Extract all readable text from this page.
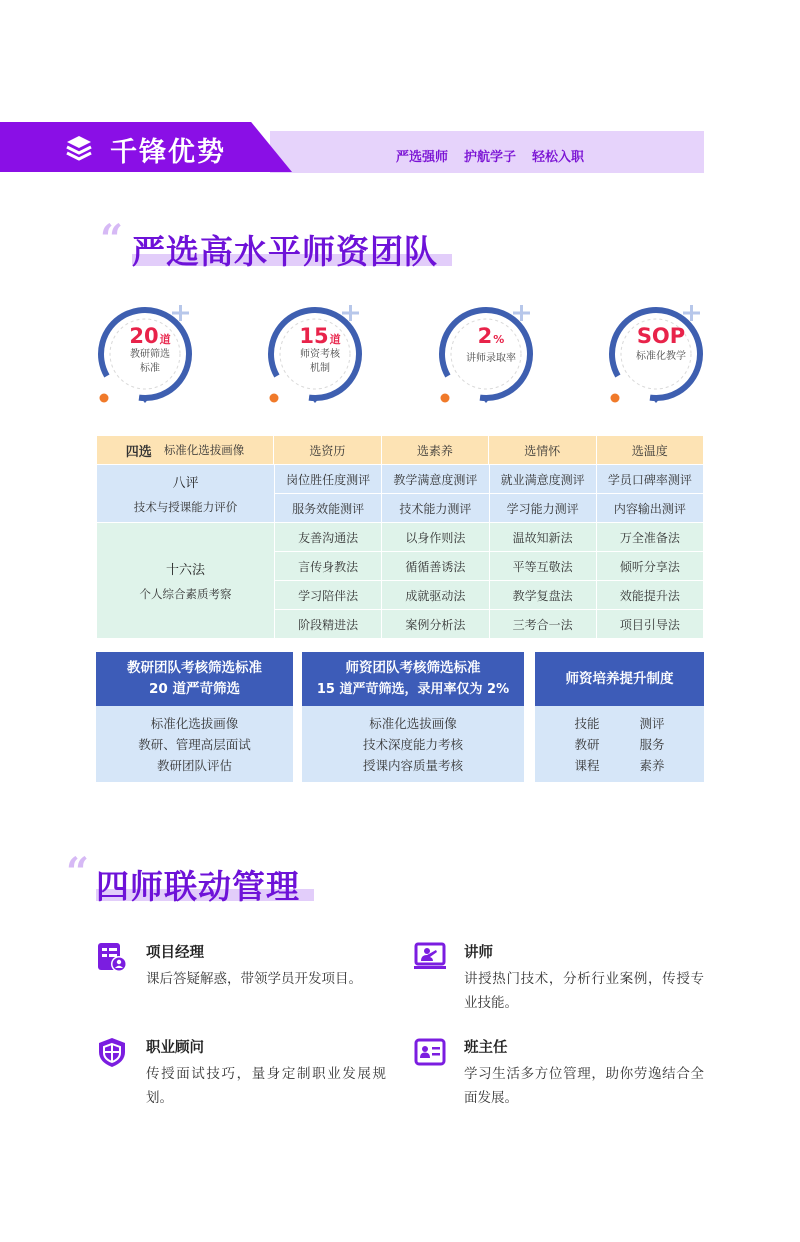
千锋优势	严选强师 护航学子 轻松入职
“ 严选高水平师资团队
20道
教研筛选
标准
15道
师资考核
机制
2%
讲师录取率
SOP
标准化教学
四选 标准化选拔画像	选资历	选素养	选情怀	选温度
八评
技术与授课能力评价
岗位胜任度测评	教学满意度测评	就业满意度测评	学员口碑率测评
服务效能测评	技术能力测评	学习能力测评	内容输出测评
十六法
个人综合素质考察
友善沟通法	以身作则法	温故知新法	万全准备法
言传身教法	循循善诱法	平等互敬法	倾听分享法
学习陪伴法	成就驱动法	教学复盘法	效能提升法
阶段精进法	案例分析法	三考合一法	项目引导法
教研团队考核筛选标准
20 道严苛筛选
标准化选拔画像
教研、管理高层面试
教研团队评估
师资团队考核筛选标准
15 道严苛筛选，录用率仅为 2%
标准化选拔画像
技术深度能力考核
授课内容质量考核
师资培养提升制度
技能	测评
教研	服务
课程	素养
“ 四师联动管理
项目经理
课后答疑解惑，带领学员开发项目。
讲师
讲授热门技术，分析行业案例，传授专业技能。
职业顾问
传授面试技巧，量身定制职业发展规划。
班主任
学习生活多方位管理，助你劳逸结合全面发展。
